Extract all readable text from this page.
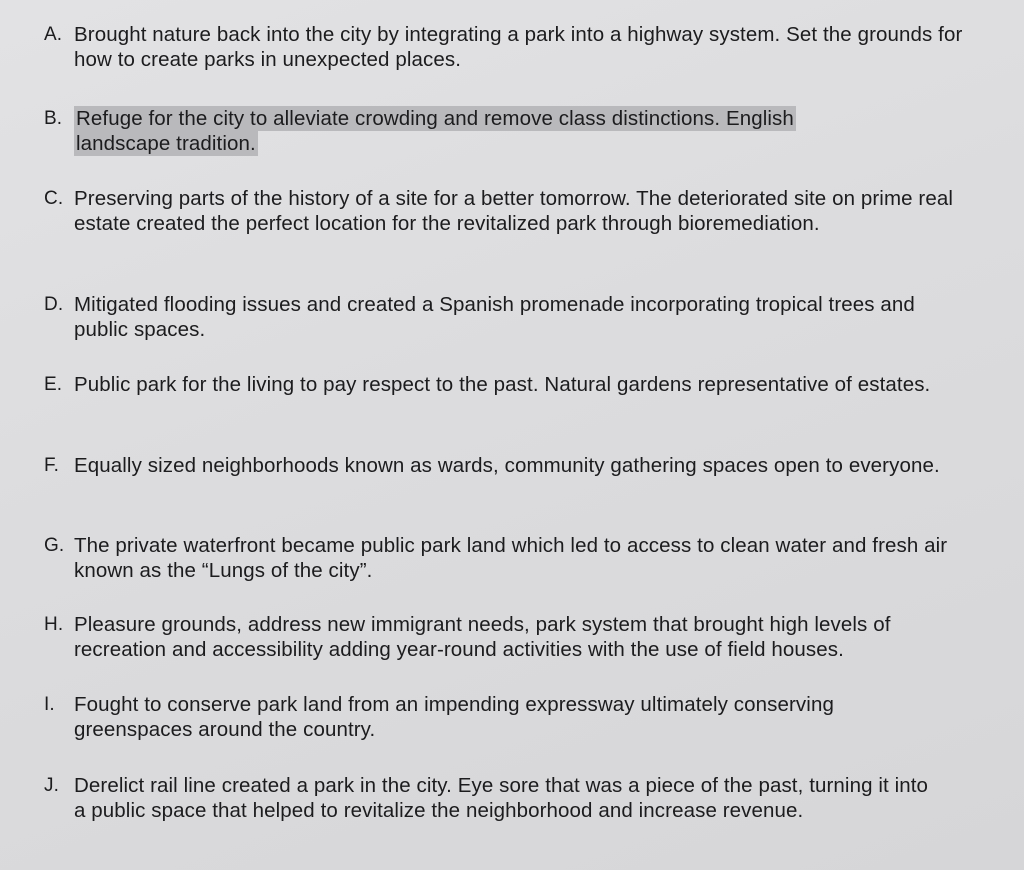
A. Brought nature back into the city by integrating a park into a highway system. Set the grounds for how to create parks in unexpected places.
B. Refuge for the city to alleviate crowding and remove class distinctions. English landscape tradition.
C. Preserving parts of the history of a site for a better tomorrow. The deteriorated site on prime real estate created the perfect location for the revitalized park through bioremediation.
D. Mitigated flooding issues and created a Spanish promenade incorporating tropical trees and public spaces.
E. Public park for the living to pay respect to the past. Natural gardens representative of estates.
F. Equally sized neighborhoods known as wards, community gathering spaces open to everyone.
G. The private waterfront became public park land which led to access to clean water and fresh air known as the “Lungs of the city”.
H. Pleasure grounds, address new immigrant needs, park system that brought high levels of recreation and accessibility adding year-round activities with the use of field houses.
I. Fought to conserve park land from an impending expressway ultimately conserving greenspaces around the country.
J. Derelict rail line created a park in the city. Eye sore that was a piece of the past, turning it into a public space that helped to revitalize the neighborhood and increase revenue.
